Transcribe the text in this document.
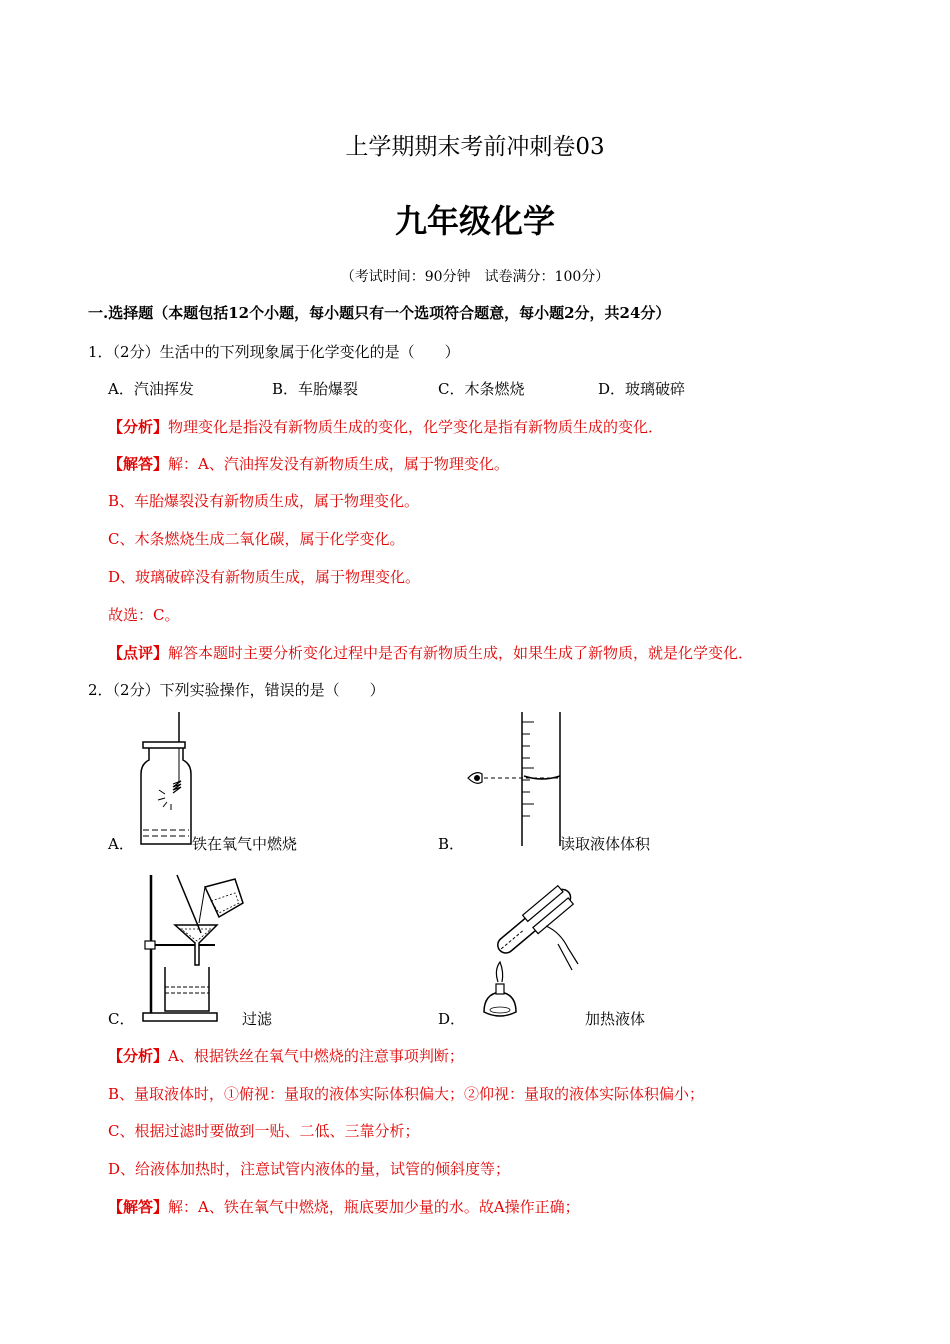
上学期期末考前冲刺卷03
九年级化学
（考试时间：90分钟　试卷满分：100分）
一.选择题（本题包括12个小题，每小题只有一个选项符合题意，每小题2分，共24分）
1．（2分）生活中的下列现象属于化学变化的是（　　）
A．汽油挥发	B．车胎爆裂	C．木条燃烧	D．玻璃破碎
【分析】物理变化是指没有新物质生成的变化，化学变化是指有新物质生成的变化．
【解答】解：A、汽油挥发没有新物质生成，属于物理变化。
B、车胎爆裂没有新物质生成，属于物理变化。
C、木条燃烧生成二氧化碳，属于化学变化。
D、玻璃破碎没有新物质生成，属于物理变化。
故选：C。
【点评】解答本题时主要分析变化过程中是否有新物质生成，如果生成了新物质，就是化学变化．
2．（2分）下列实验操作，错误的是（　　）
A．	铁在氧气中燃烧	B．	读取液体体积
C．	过滤	D．	加热液体
【分析】A、根据铁丝在氧气中燃烧的注意事项判断；
B、量取液体时，①俯视：量取的液体实际体积偏大；②仰视：量取的液体实际体积偏小；
C、根据过滤时要做到一贴、二低、三靠分析；
D、给液体加热时，注意试管内液体的量，试管的倾斜度等；
【解答】解：A、铁在氧气中燃烧，瓶底要加少量的水。故A操作正确；
